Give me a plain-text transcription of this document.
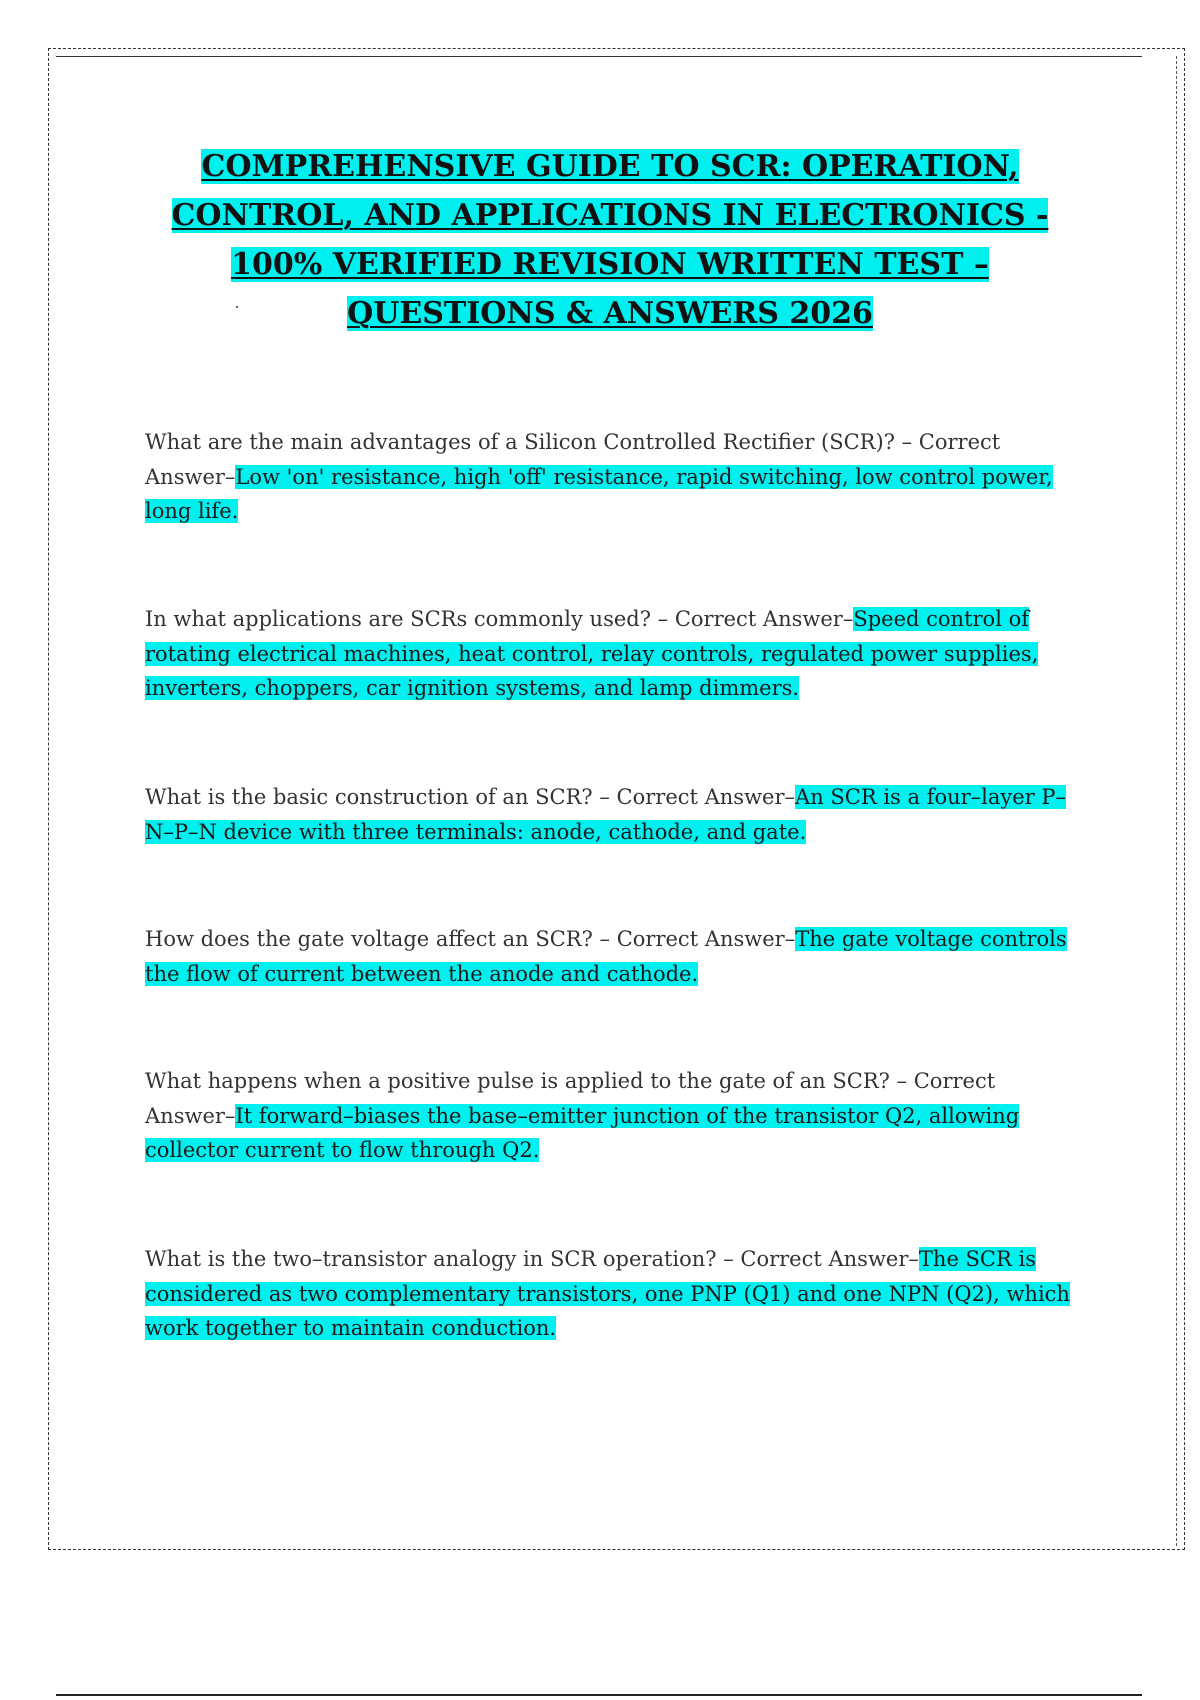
COMPREHENSIVE GUIDE TO SCR: OPERATION, CONTROL, AND APPLICATIONS IN ELECTRONICS - 100% VERIFIED REVISION WRITTEN TEST – QUESTIONS & ANSWERS 2026

What are the main advantages of a Silicon Controlled Rectifier (SCR)? – Correct Answer–Low 'on' resistance, high 'off' resistance, rapid switching, low control power, long life.

In what applications are SCRs commonly used? – Correct Answer–Speed control of rotating electrical machines, heat control, relay controls, regulated power supplies, inverters, choppers, car ignition systems, and lamp dimmers.

What is the basic construction of an SCR? – Correct Answer–An SCR is a four–layer P–N–P–N device with three terminals: anode, cathode, and gate.

How does the gate voltage affect an SCR? – Correct Answer–The gate voltage controls the flow of current between the anode and cathode.

What happens when a positive pulse is applied to the gate of an SCR? – Correct Answer–It forward–biases the base–emitter junction of the transistor Q2, allowing collector current to flow through Q2.

What is the two–transistor analogy in SCR operation? – Correct Answer–The SCR is considered as two complementary transistors, one PNP (Q1) and one NPN (Q2), which work together to maintain conduction.
